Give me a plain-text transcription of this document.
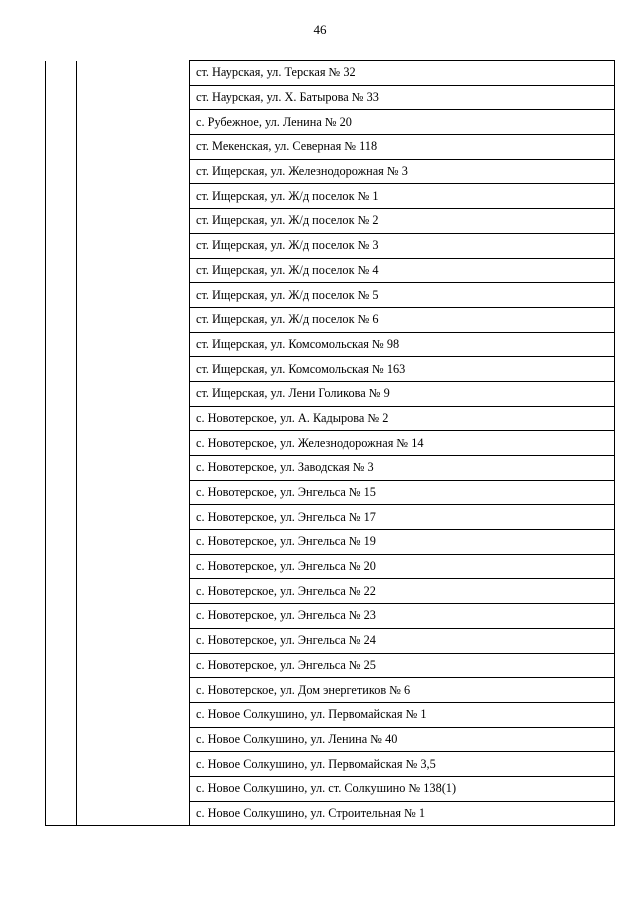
46
		ст. Наурская, ул. Терская № 32
		ст. Наурская, ул. Х. Батырова № 33
		с. Рубежное, ул. Ленина № 20
		ст. Мекенская, ул. Северная № 118
		ст. Ищерская, ул. Железнодорожная № 3
		ст. Ищерская, ул. Ж/д поселок № 1
		ст. Ищерская, ул. Ж/д поселок № 2
		ст. Ищерская, ул. Ж/д поселок № 3
		ст. Ищерская, ул. Ж/д поселок № 4
		ст. Ищерская, ул. Ж/д поселок № 5
		ст. Ищерская, ул. Ж/д поселок № 6
		ст. Ищерская, ул. Комсомольская № 98
		ст. Ищерская, ул. Комсомольская № 163
		ст. Ищерская, ул. Лени Голикова № 9
		с. Новотерское, ул. А. Кадырова № 2
		с. Новотерское, ул. Железнодорожная № 14
		с. Новотерское, ул. Заводская № 3
		с. Новотерское, ул. Энгельса № 15
		с. Новотерское, ул. Энгельса № 17
		с. Новотерское, ул. Энгельса № 19
		с. Новотерское, ул. Энгельса № 20
		с. Новотерское, ул. Энгельса № 22
		с. Новотерское, ул. Энгельса № 23
		с. Новотерское, ул. Энгельса № 24
		с. Новотерское, ул. Энгельса № 25
		с. Новотерское, ул. Дом энергетиков № 6
		с. Новое Солкушино, ул. Первомайская № 1
		с. Новое Солкушино, ул. Ленина № 40
		с. Новое Солкушино, ул. Первомайская № 3,5
		с. Новое Солкушино, ул. ст. Солкушино № 138(1)
		с. Новое Солкушино, ул. Строительная № 1
